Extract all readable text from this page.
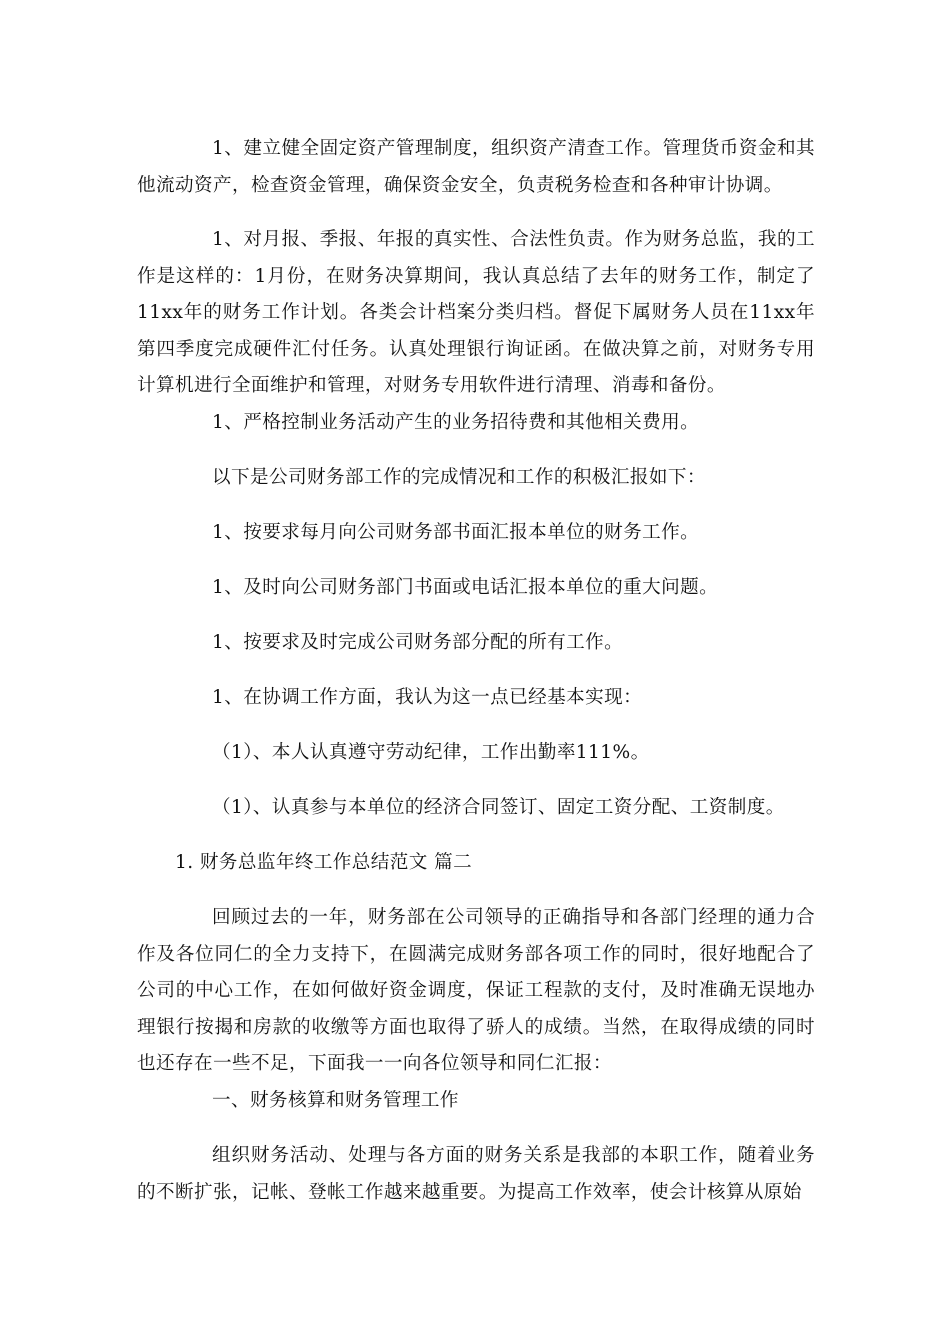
1、建立健全固定资产管理制度，组织资产清查工作。管理货币资金和其他流动资产，检查资金管理，确保资金安全，负责税务检查和各种审计协调。

1、对月报、季报、年报的真实性、合法性负责。作为财务总监，我的工作是这样的：1月份，在财务决算期间，我认真总结了去年的财务工作，制定了11xx年的财务工作计划。各类会计档案分类归档。督促下属财务人员在11xx年第四季度完成硬件汇付任务。认真处理银行询证函。在做决算之前，对财务专用计算机进行全面维护和管理，对财务专用软件进行清理、消毒和备份。

1、严格控制业务活动产生的业务招待费和其他相关费用。

以下是公司财务部工作的完成情况和工作的积极汇报如下：

1、按要求每月向公司财务部书面汇报本单位的财务工作。

1、及时向公司财务部门书面或电话汇报本单位的重大问题。

1、按要求及时完成公司财务部分配的所有工作。

1、在协调工作方面，我认为这一点已经基本实现：

（1）、本人认真遵守劳动纪律，工作出勤率111%。

（1）、认真参与本单位的经济合同签订、固定工资分配、工资制度。

1. 财务总监年终工作总结范文 篇二

回顾过去的一年，财务部在公司领导的正确指导和各部门经理的通力合作及各位同仁的全力支持下，在圆满完成财务部各项工作的同时，很好地配合了公司的中心工作，在如何做好资金调度，保证工程款的支付，及时准确无误地办理银行按揭和房款的收缴等方面也取得了骄人的成绩。当然，在取得成绩的同时也还存在一些不足，下面我一一向各位领导和同仁汇报：

一、财务核算和财务管理工作

组织财务活动、处理与各方面的财务关系是我部的本职工作，随着业务的不断扩张，记帐、登帐工作越来越重要。为提高工作效率，使会计核算从原始
